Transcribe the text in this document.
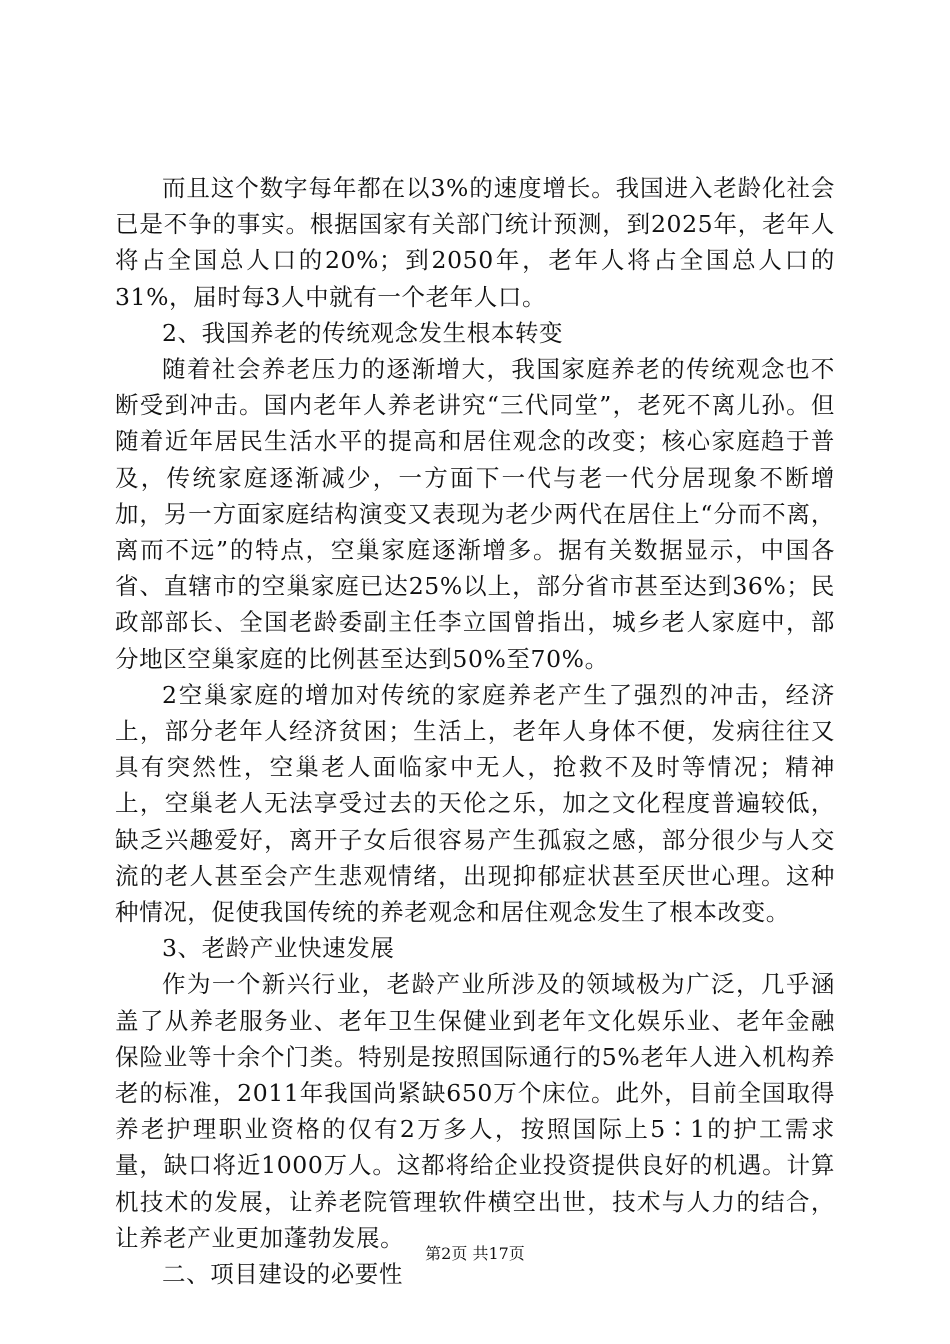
而且这个数字每年都在以3%的速度增长。我国进入老龄化社会已是不争的事实。根据国家有关部门统计预测，到2025年，老年人将占全国总人口的20%；到2050年，老年人将占全国总人口的31%，届时每3人中就有一个老年人口。

2、我国养老的传统观念发生根本转变

随着社会养老压力的逐渐增大，我国家庭养老的传统观念也不断受到冲击。国内老年人养老讲究“三代同堂”，老死不离儿孙。但随着近年居民生活水平的提高和居住观念的改变；核心家庭趋于普及，传统家庭逐渐减少，一方面下一代与老一代分居现象不断增加，另一方面家庭结构演变又表现为老少两代在居住上“分而不离，离而不远”的特点，空巢家庭逐渐增多。据有关数据显示，中国各省、直辖市的空巢家庭已达25%以上，部分省市甚至达到36%；民政部部长、全国老龄委副主任李立国曾指出，城乡老人家庭中，部分地区空巢家庭的比例甚至达到50%至70%。

2空巢家庭的增加对传统的家庭养老产生了强烈的冲击，经济上，部分老年人经济贫困；生活上，老年人身体不便，发病往往又具有突然性，空巢老人面临家中无人，抢救不及时等情况；精神上，空巢老人无法享受过去的天伦之乐，加之文化程度普遍较低，缺乏兴趣爱好，离开子女后很容易产生孤寂之感，部分很少与人交流的老人甚至会产生悲观情绪，出现抑郁症状甚至厌世心理。这种种情况，促使我国传统的养老观念和居住观念发生了根本改变。

3、老龄产业快速发展

作为一个新兴行业，老龄产业所涉及的领域极为广泛，几乎涵盖了从养老服务业、老年卫生保健业到老年文化娱乐业、老年金融保险业等十余个门类。特别是按照国际通行的5%老年人进入机构养老的标准，2011年我国尚紧缺650万个床位。此外，目前全国取得养老护理职业资格的仅有2万多人，按照国际上5∶1的护工需求量，缺口将近1000万人。这都将给企业投资提供良好的机遇。计算机技术的发展，让养老院管理软件横空出世，技术与人力的结合，让养老产业更加蓬勃发展。

二、项目建设的必要性

第2页 共17页
